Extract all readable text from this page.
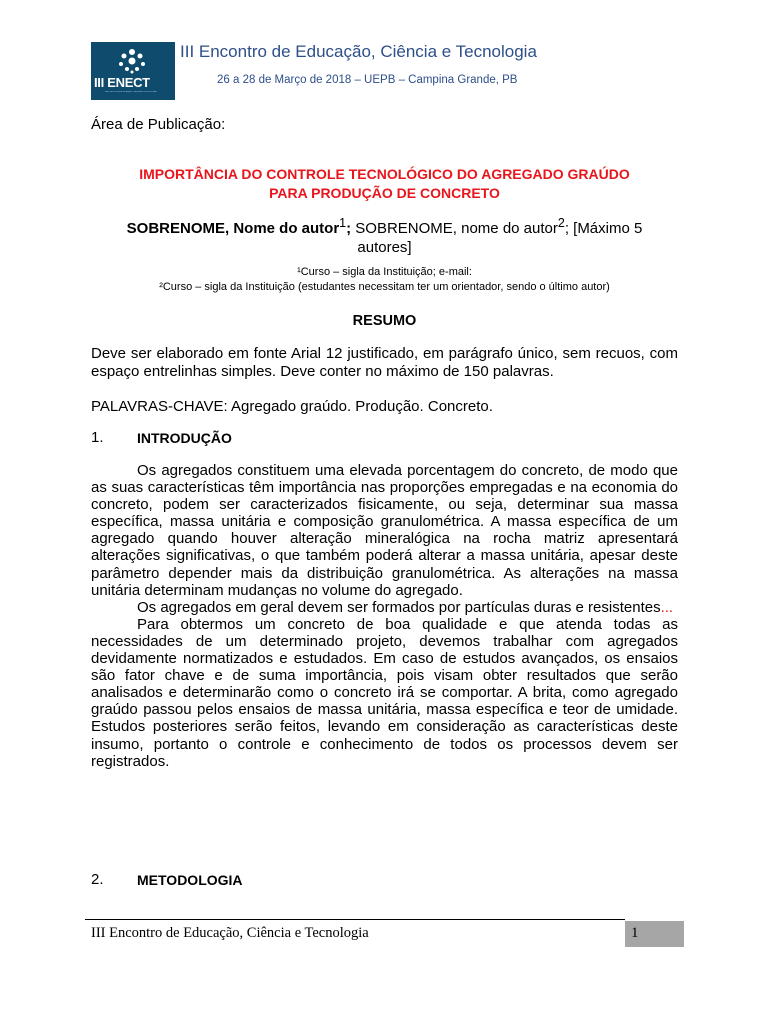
III ENECT
ENCONTRO DE EDUCAÇÃO, CIÊNCIA E TECNOLOGIA
III Encontro de Educação, Ciência e Tecnologia
26 a 28 de Março de 2018 – UEPB – Campina Grande, PB
Área de Publicação:
IMPORTÂNCIA DO CONTROLE TECNOLÓGICO DO AGREGADO GRAÚDO
PARA PRODUÇÃO DE CONCRETO
SOBRENOME, Nome do autor$^1$; SOBRENOME, nome do autor$^2$; [Máximo 5
autores]
¹Curso – sigla da Instituição; e-mail:
²Curso – sigla da Instituição (estudantes necessitam ter um orientador, sendo o último autor)
RESUMO
Deve ser elaborado em fonte Arial 12 justificado, em parágrafo único, sem recuos, com espaço entrelinhas simples. Deve conter no máximo de 150 palavras.
PALAVRAS-CHAVE: Agregado graúdo. Produção. Concreto.
1. INTRODUÇÃO

Os agregados constituem uma elevada porcentagem do concreto, de modo que as suas características têm importância nas proporções empregadas e na economia do concreto, podem ser caracterizados fisicamente, ou seja, determinar sua massa específica, massa unitária e composição granulométrica. A massa específica de um agregado quando houver alteração mineralógica na rocha matriz apresentará alterações significativas, o que também poderá alterar a massa unitária, apesar deste parâmetro depender mais da distribuição granulométrica. As alterações na massa unitária determinam mudanças no volume do agregado.

Os agregados em geral devem ser formados por partículas duras e resistentes...

Para obtermos um concreto de boa qualidade e que atenda todas as necessidades de um determinado projeto, devemos trabalhar com agregados devidamente normatizados e estudados. Em caso de estudos avançados, os ensaios são fator chave e de suma importância, pois visam obter resultados que serão analisados e determinarão como o concreto irá se comportar. A brita, como agregado graúdo passou pelos ensaios de massa unitária, massa específica e teor de umidade. Estudos posteriores serão feitos, levando em consideração as características deste insumo, portanto o controle e conhecimento de todos os processos devem ser registrados.

2. METODOLOGIA
III Encontro de Educação, Ciência e Tecnologia	1
